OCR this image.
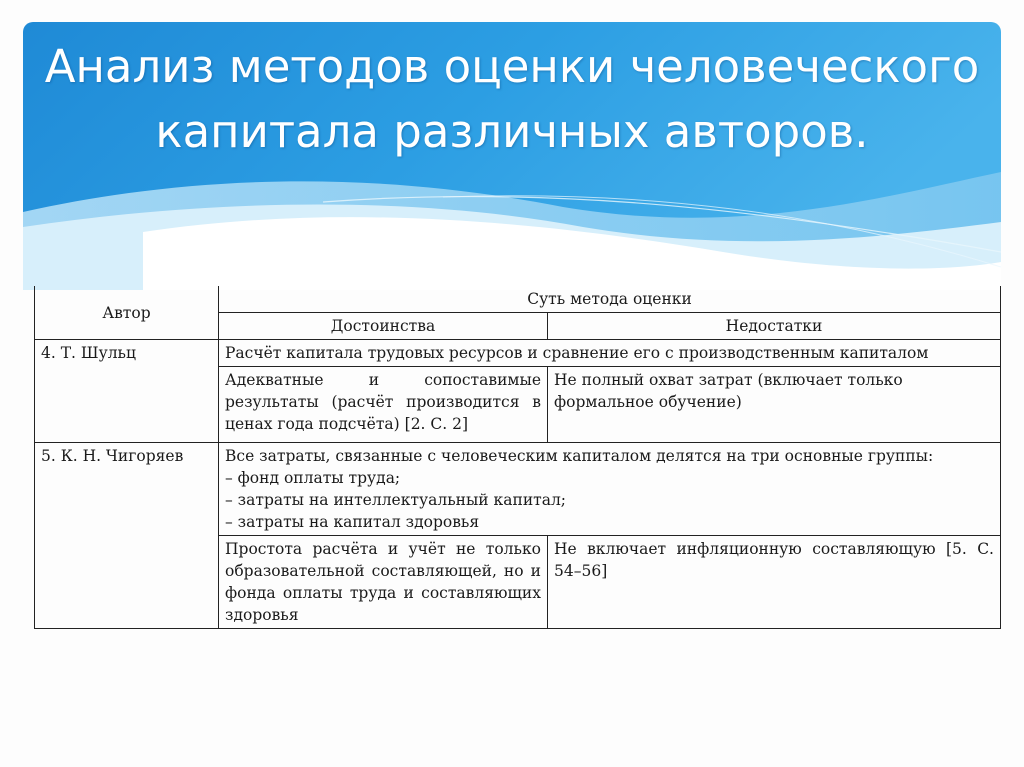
Анализ методов оценки человеческого капитала различных авторов.
Автор	Суть метода оценки	
	Достоинства	Недостатки
4. Т. Шульц	Расчёт капитала трудовых ресурсов и сравнение его с производственным капиталом	
	Адекватные и сопоставимые результаты (расчёт производится в ценах года подсчёта) [2. С. 2]	Не полный охват затрат (включает только формальное обучение)
5. К. Н. Чигоряев	Все затраты, связанные с человеческим капиталом делятся на три основные группы:
– фонд оплаты труда;
– затраты на интеллектуальный капитал;
– затраты на капитал здоровья	

	Простота расчёта и учёт не только образовательной составляющей, но и фонда оплаты труда и составляющих здоровья	Не включает инфляционную составляющую [5. С. 54–56]
